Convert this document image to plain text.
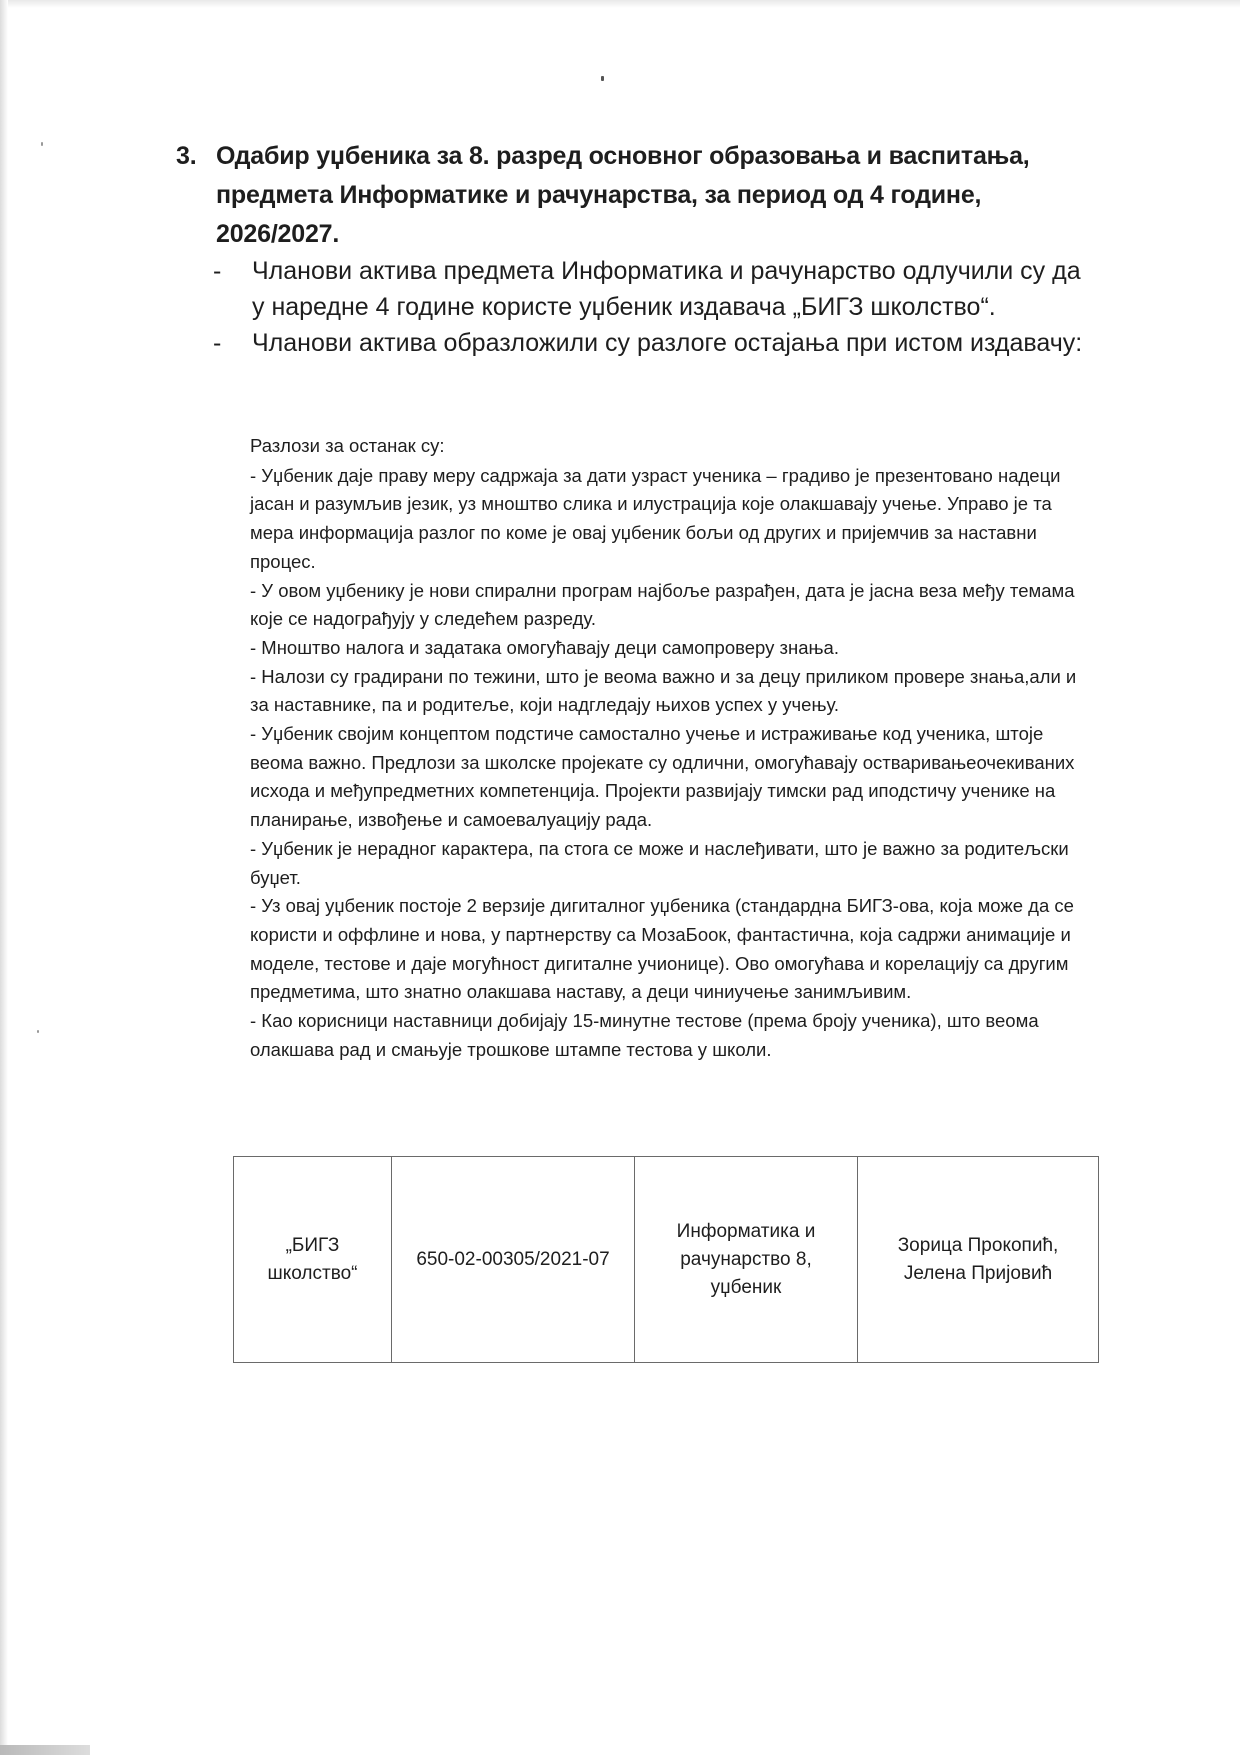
3. Одабир уџбеника за 8. разред основног образовања и васпитања, предмета Информатике и рачунарства, за период од 4 године, 2026/2027.
- Чланови актива предмета Информатика и рачунарство одлучили су да у наредне 4 године користе уџбеник издавача „БИГЗ школство“.
- Чланови актива образложили су разлоге остајања при истом издавачу:

Разлози за останак су:

- Уџбеник даје праву меру садржаја за дати узраст ученика – градиво је презентовано надеци јасан и разумљив језик, уз мноштво слика и илустрација које олакшавају учење. Управо је та мера информација разлог по коме је овај уџбеник бољи од других и пријемчив за наставни процес.

- У овом уџбенику је нови спирални програм најбоље разрађен, дата је јасна веза међу темама које се надограђују у следећем разреду.

- Мноштво налога и задатака омогућавају деци самопроверу знања.

- Налози су градирани по тежини, што је веома важно и за децу приликом провере знања,али и за наставнике, па и родитеље, који надгледају њихов успех у учењу.

- Уџбеник својим концептом подстиче самостално учење и истраживање код ученика, штоје веома важно. Предлози за школске пројекате су одлични, омогућавају остваривањеочекиваних исхода и међупредметних компетенција. Пројекти развијају тимски рад иподстичу ученике на планирање, извођење и самоевалуацију рада.

- Уџбеник је нерадног карактера, па стога се може и наслеђивати, што је важно за родитељски буџет.

- Уз овај уџбеник постоје 2 верзије дигиталног уџбеника (стандардна БИГЗ-ова, која може да се користи и оффлине и нова, у партнерству са МозаБоок, фантастична, која садржи анимације и моделе, тестове и даје могућност дигиталне учионице). Ово омогућава и корелацију са другим предметима, што знатно олакшава наставу, а деци чиниучење занимљивим.

- Као корисници наставници добијају 15-минутне тестове (према броју ученика), што веома олакшава рад и смањује трошкове штампе тестова у школи.

„БИГЗ школство“	650-02-00305/2021-07	Информатика и рачунарство 8, уџбеник	Зорица Прокопић, Јелена Пријовић
